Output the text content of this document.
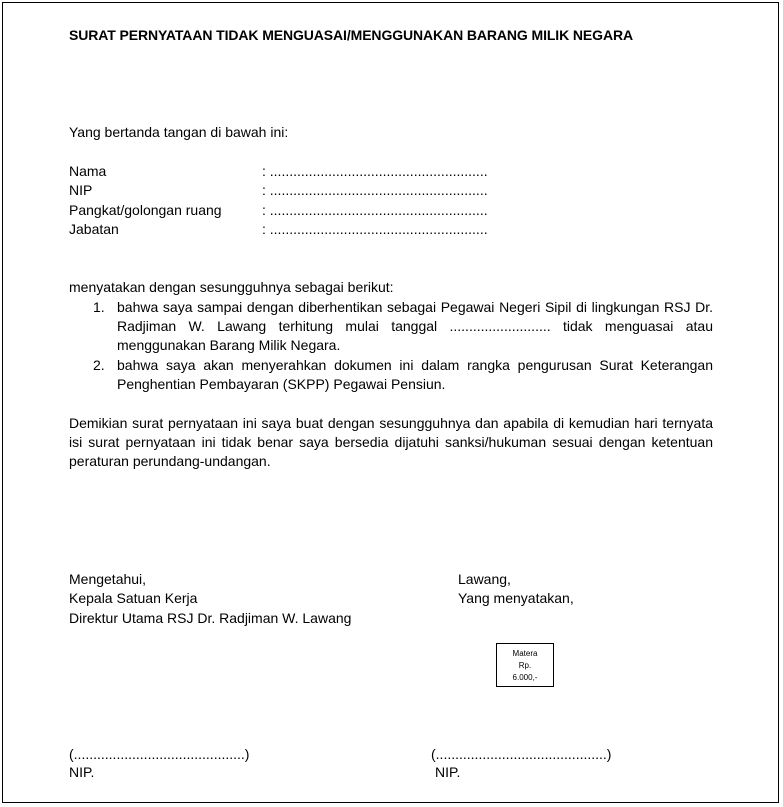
SURAT PERNYATAAN TIDAK MENGUASAI/MENGGUNAKAN BARANG MILIK NEGARA
Yang bertanda tangan di bawah ini:
Nama	: ........................................................
NIP	: ........................................................
Pangkat/golongan ruang	: ........................................................
Jabatan	: ........................................................
menyatakan dengan sesungguhnya sebagai berikut:
1. bahwa saya sampai dengan diberhentikan sebagai Pegawai Negeri Sipil di lingkungan RSJ Dr. Radjiman W. Lawang terhitung mulai tanggal .......................... tidak menguasai atau menggunakan Barang Milik Negara.
2. bahwa saya akan menyerahkan dokumen ini dalam rangka pengurusan Surat Keterangan Penghentian Pembayaran (SKPP) Pegawai Pensiun.
Demikian surat pernyataan ini saya buat dengan sesungguhnya dan apabila di kemudian hari ternyata isi surat pernyataan ini tidak benar saya bersedia dijatuhi sanksi/hukuman sesuai dengan ketentuan peraturan perundang-undangan.
Mengetahui,
Kepala Satuan Kerja
Direktur Utama RSJ Dr. Radjiman W. Lawang
Lawang,
Yang menyatakan,
Matera
Rp.
6.000,-
(............................................)
NIP.
(............................................)
NIP.
